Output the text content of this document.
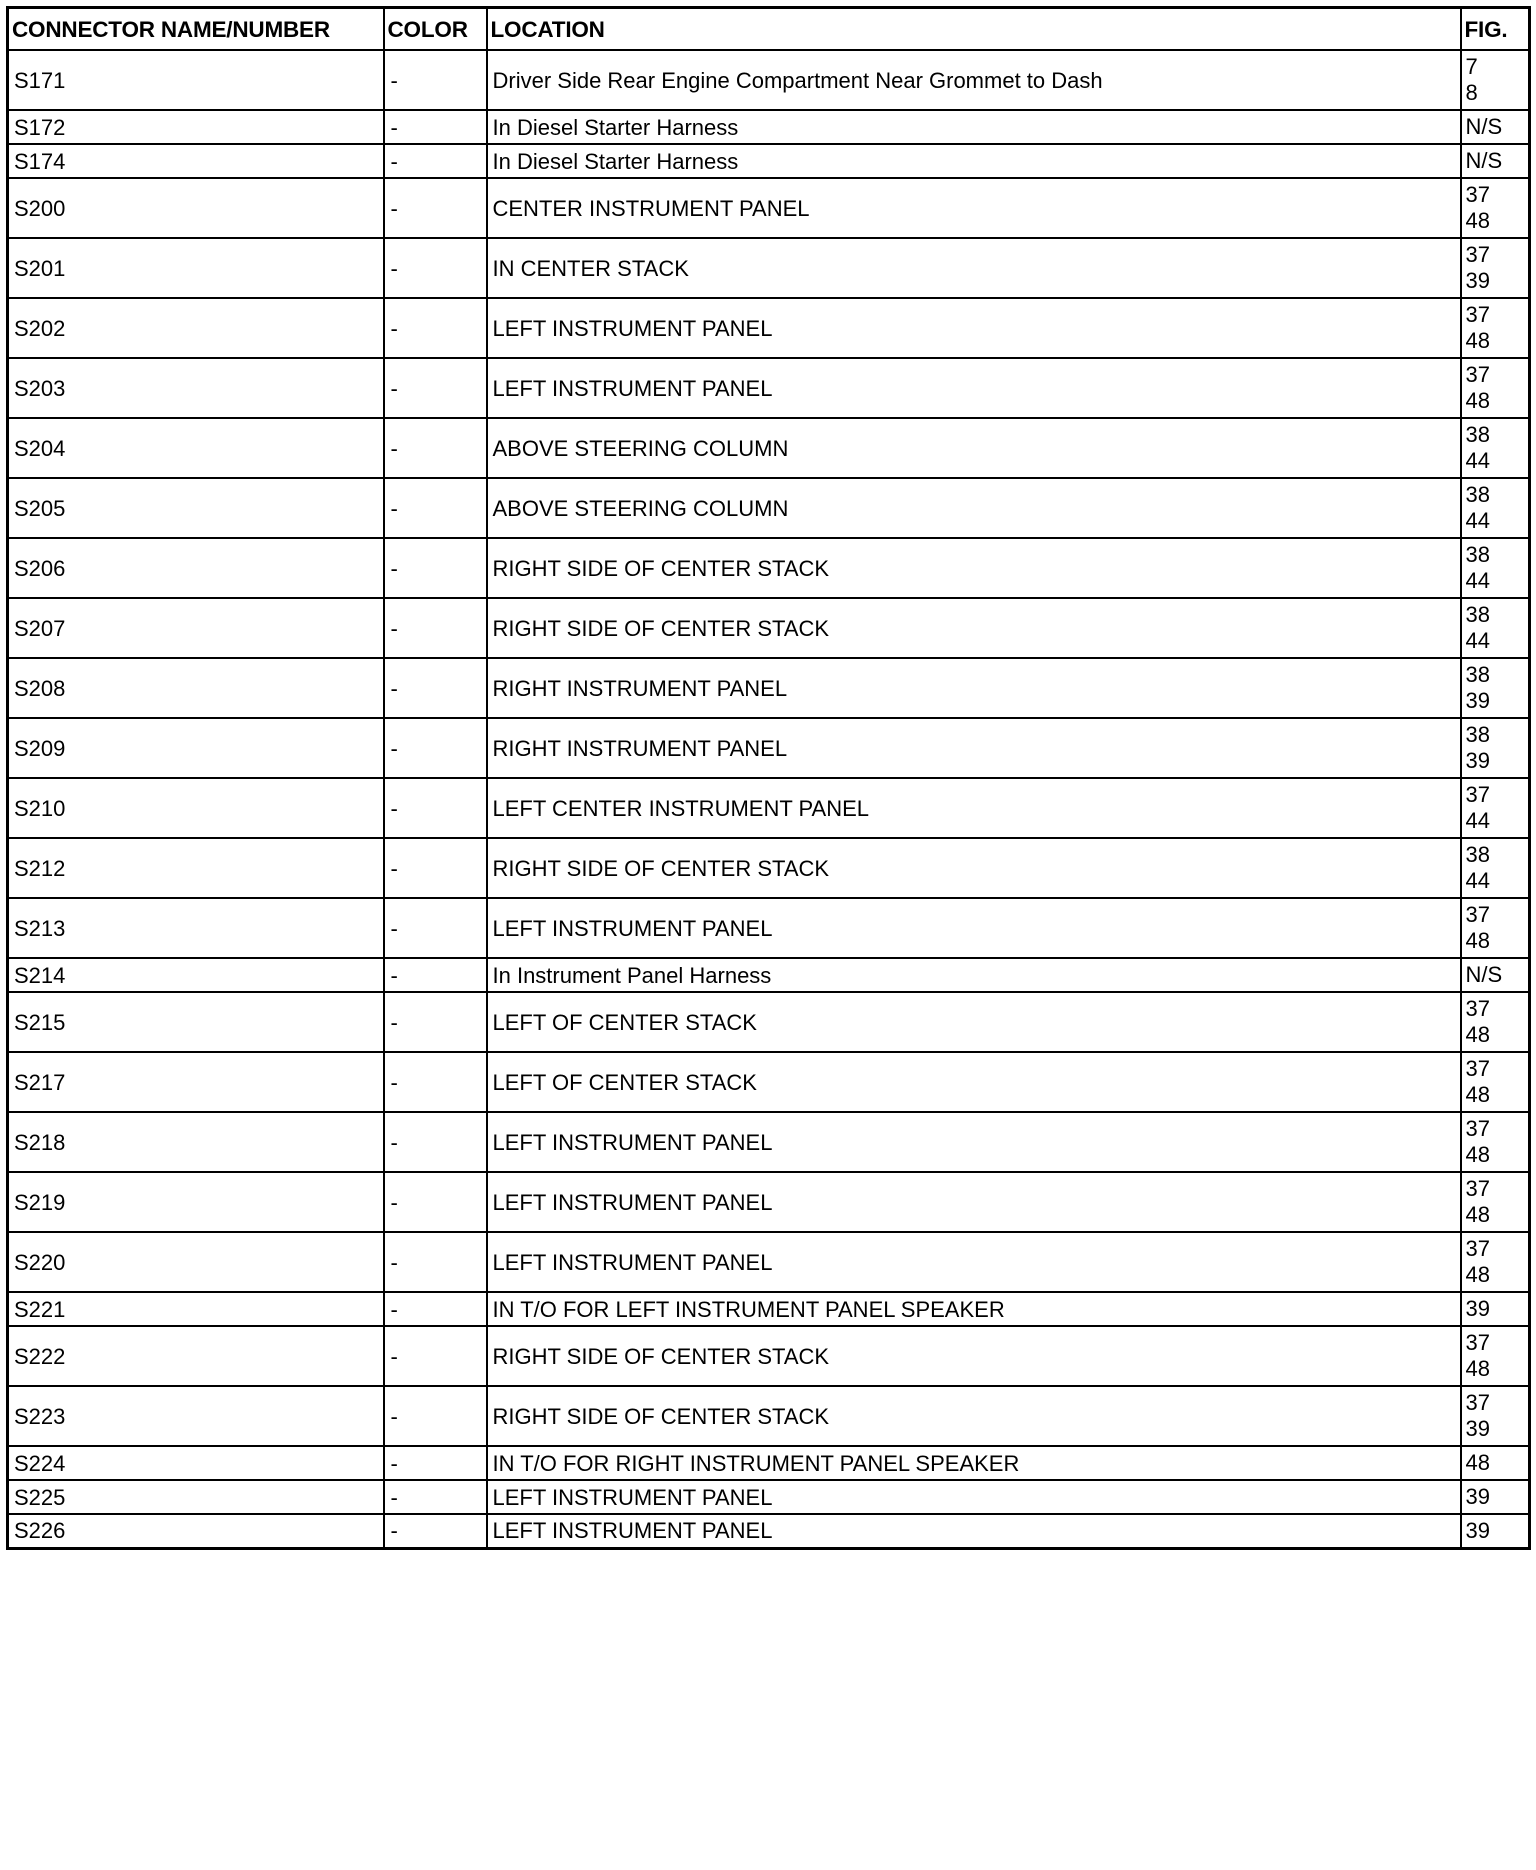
CONNECTOR NAME/NUMBER	COLOR	LOCATION	FIG.
S171	-	Driver Side Rear Engine Compartment Near Grommet to Dash	7
8

S172	-	In Diesel Starter Harness	N/S

S174	-	In Diesel Starter Harness	N/S

S200	-	CENTER INSTRUMENT PANEL	37
48

S201	-	IN CENTER STACK	37
39

S202	-	LEFT INSTRUMENT PANEL	37
48

S203	-	LEFT INSTRUMENT PANEL	37
48

S204	-	ABOVE STEERING COLUMN	38
44

S205	-	ABOVE STEERING COLUMN	38
44

S206	-	RIGHT SIDE OF CENTER STACK	38
44

S207	-	RIGHT SIDE OF CENTER STACK	38
44

S208	-	RIGHT INSTRUMENT PANEL	38
39

S209	-	RIGHT INSTRUMENT PANEL	38
39

S210	-	LEFT CENTER INSTRUMENT PANEL	37
44

S212	-	RIGHT SIDE OF CENTER STACK	38
44

S213	-	LEFT INSTRUMENT PANEL	37
48

S214	-	In Instrument Panel Harness	N/S

S215	-	LEFT OF CENTER STACK	37
48

S217	-	LEFT OF CENTER STACK	37
48

S218	-	LEFT INSTRUMENT PANEL	37
48

S219	-	LEFT INSTRUMENT PANEL	37
48

S220	-	LEFT INSTRUMENT PANEL	37
48

S221	-	IN T/O FOR LEFT INSTRUMENT PANEL SPEAKER	39

S222	-	RIGHT SIDE OF CENTER STACK	37
48

S223	-	RIGHT SIDE OF CENTER STACK	37
39

S224	-	IN T/O FOR RIGHT INSTRUMENT PANEL SPEAKER	48

S225	-	LEFT INSTRUMENT PANEL	39

S226	-	LEFT INSTRUMENT PANEL	39
